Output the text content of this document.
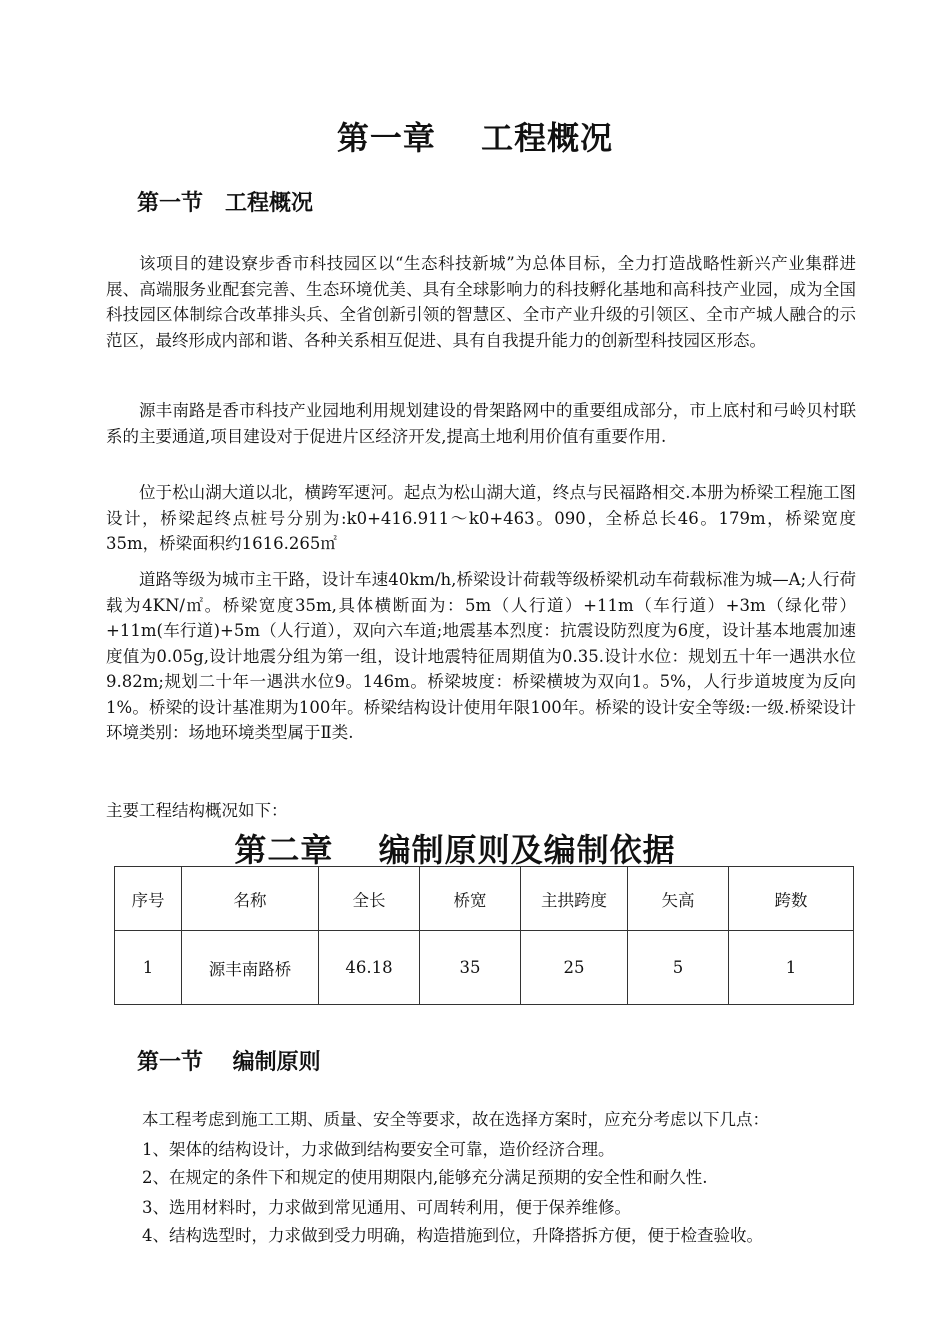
第一章　 工程概况
第一节　工程概况

该项目的建设寮步香市科技园区以“生态科技新城”为总体目标，全力打造战略性新兴产业集群进展、高端服务业配套完善、生态环境优美、具有全球影响力的科技孵化基地和高科技产业园，成为全国科技园区体制综合改革排头兵、全省创新引领的智慧区、全市产业升级的引领区、全市产城人融合的示范区，最终形成内部和谐、各种关系相互促进、具有自我提升能力的创新型科技园区形态。

源丰南路是香市科技产业园地利用规划建设的骨架路网中的重要组成部分，市上底村和弓岭贝村联系的主要通道,项目建设对于促进片区经济开发,提高土地利用价值有重要作用.

位于松山湖大道以北，横跨军䢚河。起点为松山湖大道，终点与民福路相交.本册为桥梁工程施工图设计，桥梁起终点桩号分别为:k0+416.911～k0+463。090，全桥总长46。179m，桥梁宽度35m，桥梁面积约1616.265㎡

道路等级为城市主干路，设计车速40km/h,桥梁设计荷载等级桥梁机动车荷载标准为城—A;人行荷载为4KN/㎡。桥梁宽度35m,具体横断面为：5m（人行道）+11m（车行道）+3m（绿化带）+11m(车行道)+5m（人行道），双向六车道;地震基本烈度：抗震设防烈度为6度，设计基本地震加速度值为0.05g,设计地震分组为第一组，设计地震特征周期值为0.35.设计水位：规划五十年一遇洪水位9.82m;规划二十年一遇洪水位9。146m。桥梁坡度：桥梁横坡为双向1。5%，人行步道坡度为反向1%。桥梁的设计基准期为100年。桥梁结构设计使用年限100年。桥梁的设计安全等级:一级.桥梁设计环境类别：场地环境类型属于Ⅱ类.

主要工程结构概况如下：

第二章　 编制原则及编制依据
序号	名称	全长	桥宽	主拱跨度	矢高	跨数
1	源丰南路桥	46.18	35	25	5	1
第一节　 编制原则
本工程考虑到施工工期、质量、安全等要求，故在选择方案时，应充分考虑以下几点：
1、架体的结构设计，力求做到结构要安全可靠，造价经济合理。
2、在规定的条件下和规定的使用期限内,能够充分满足预期的安全性和耐久性.
3、选用材料时，力求做到常见通用、可周转利用，便于保养维修。
4、结构选型时，力求做到受力明确，构造措施到位，升降搭拆方便，便于检查验收。
